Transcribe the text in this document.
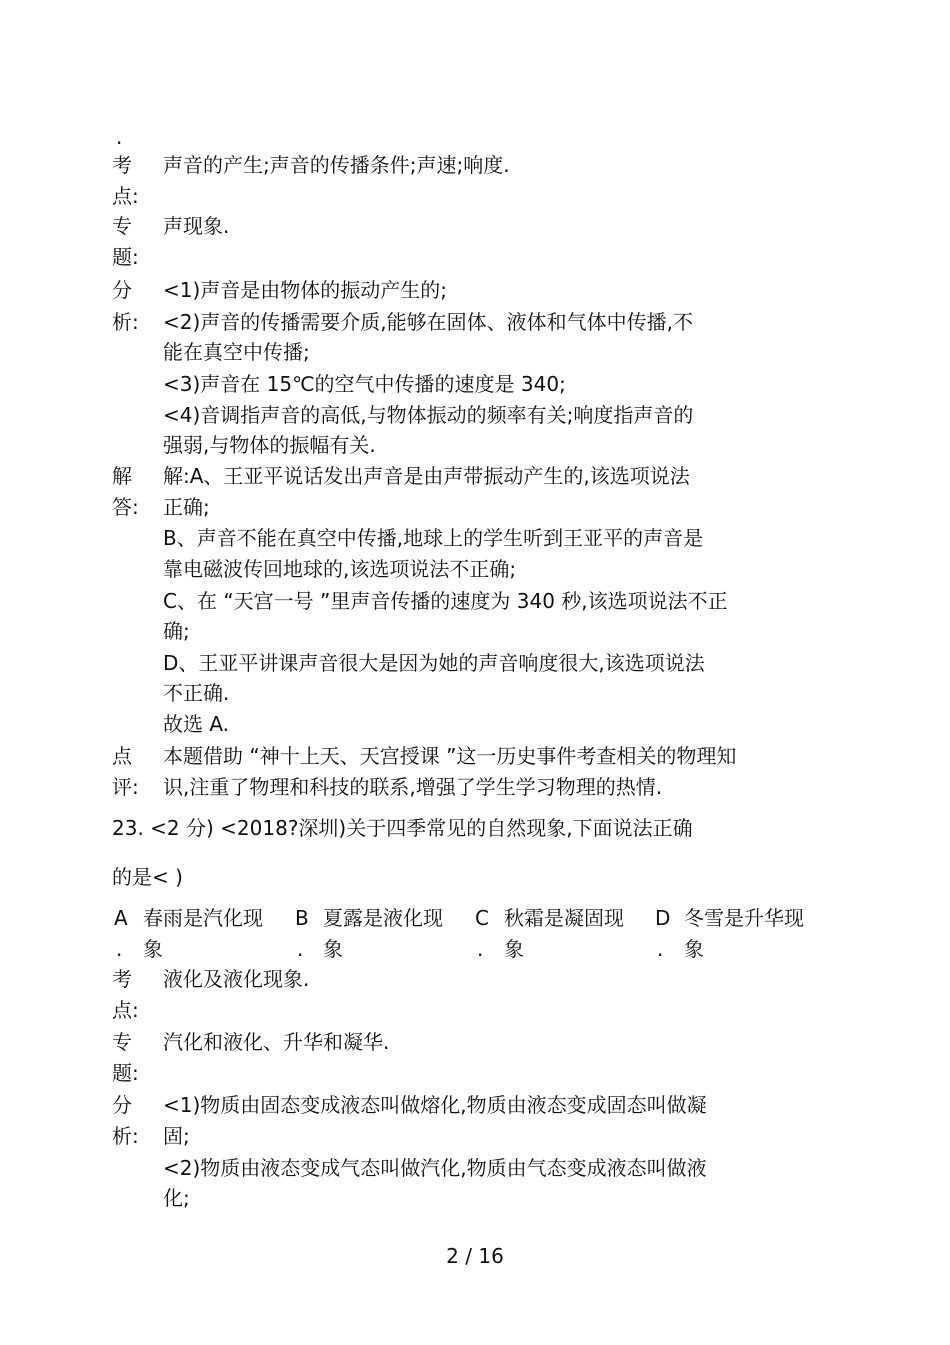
.
考
点:
声音的产生;声音的传播条件;声速;响度.
专
题:
声现象.
分
析:
<1)声音是由物体的振动产生的;
<2)声音的传播需要介质,能够在固体、液体和气体中传播,不
能在真空中传播;
<3)声音在 15℃的空气中传播的速度是 340;
<4)音调指声音的高低,与物体振动的频率有关;响度指声音的
强弱,与物体的振幅有关.
解
答:
解:A、王亚平说话发出声音是由声带振动产生的,该选项说法
正确;
B、声音不能在真空中传播,地球上的学生听到王亚平的声音是
靠电磁波传回地球的,该选项说法不正确;
C、在 “天宫一号 ”里声音传播的速度为 340 秒,该选项说法不正
确;
D、王亚平讲课声音很大是因为她的声音响度很大,该选项说法
不正确.
故选 A.
点
评:
本题借助 “神十上天、天宫授课 ”这一历史事件考查相关的物理知
识,注重了物理和科技的联系,增强了学生学习物理的热情.
23. <2 分) <2018?深圳)关于四季常见的自然现象,下面说法正确
的是< )
A
.
春雨是汽化现
象
B
.
夏露是液化现
象
C
.
秋霜是凝固现
象
D
.
冬雪是升华现
象
考
点:
液化及液化现象.
专
题:
汽化和液化、升华和凝华.
分
析:
<1)物质由固态变成液态叫做熔化,物质由液态变成固态叫做凝
固;
<2)物质由液态变成气态叫做汽化,物质由气态变成液态叫做液
化;
2 / 16
